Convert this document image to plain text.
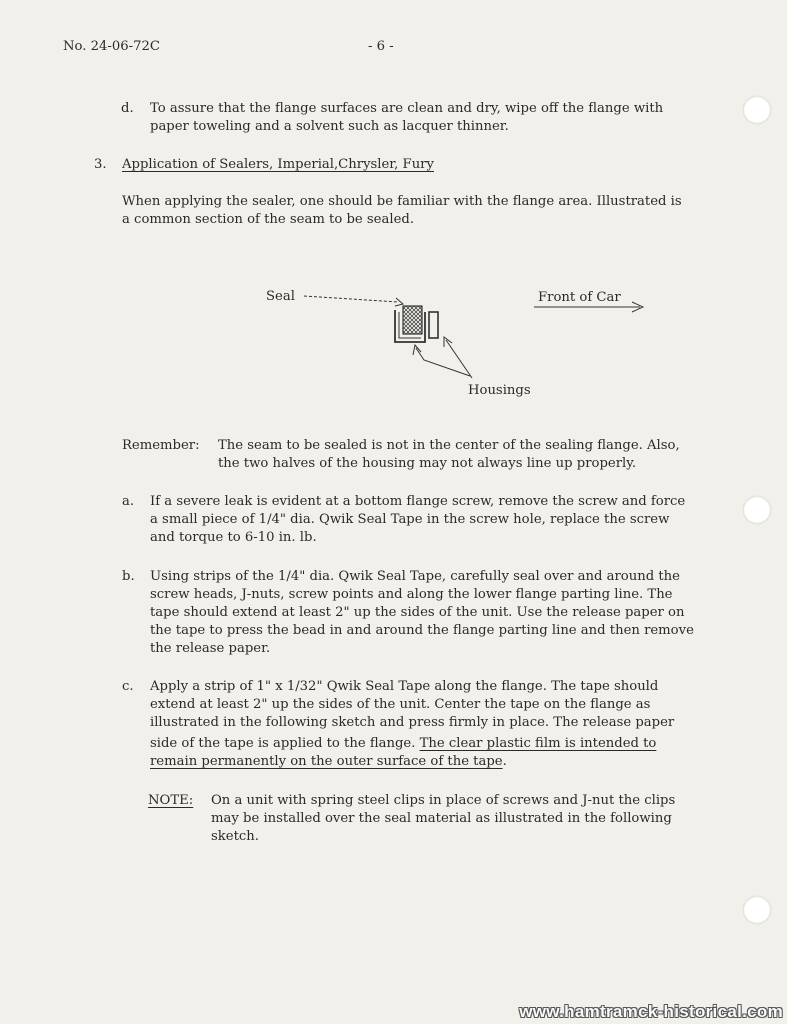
No. 24-06-72C	- 6 -
d. To assure that the flange surfaces are clean and dry, wipe off the flange with
paper toweling and a solvent such as lacquer thinner.
3. Application of Sealers, Imperial,Chrysler, Fury
When applying the sealer, one should be familiar with the flange area. Illustrated is
a common section of the seam to be sealed.
Seal	Front of Car
Housings
Remember: The seam to be sealed is not in the center of the sealing flange. Also,
the two halves of the housing may not always line up properly.
a. If a severe leak is evident at a bottom flange screw, remove the screw and force
a small piece of 1/4" dia. Qwik Seal Tape in the screw hole, replace the screw
and torque to 6-10 in. lb.
b. Using strips of the 1/4" dia. Qwik Seal Tape, carefully seal over and around the
screw heads, J-nuts, screw points and along the lower flange parting line. The
tape should extend at least 2" up the sides of the unit. Use the release paper on
the tape to press the bead in and around the flange parting line and then remove
the release paper.
c. Apply a strip of 1" x 1/32" Qwik Seal Tape along the flange. The tape should
extend at least 2" up the sides of the unit. Center the tape on the flange as
illustrated in the following sketch and press firmly in place. The release paper
side of the tape is applied to the flange. The clear plastic film is intended to
remain permanently on the outer surface of the tape.
NOTE: On a unit with spring steel clips in place of screws and J-nut the clips
may be installed over the seal material as illustrated in the following
sketch.
www.hamtramck-historical.com
